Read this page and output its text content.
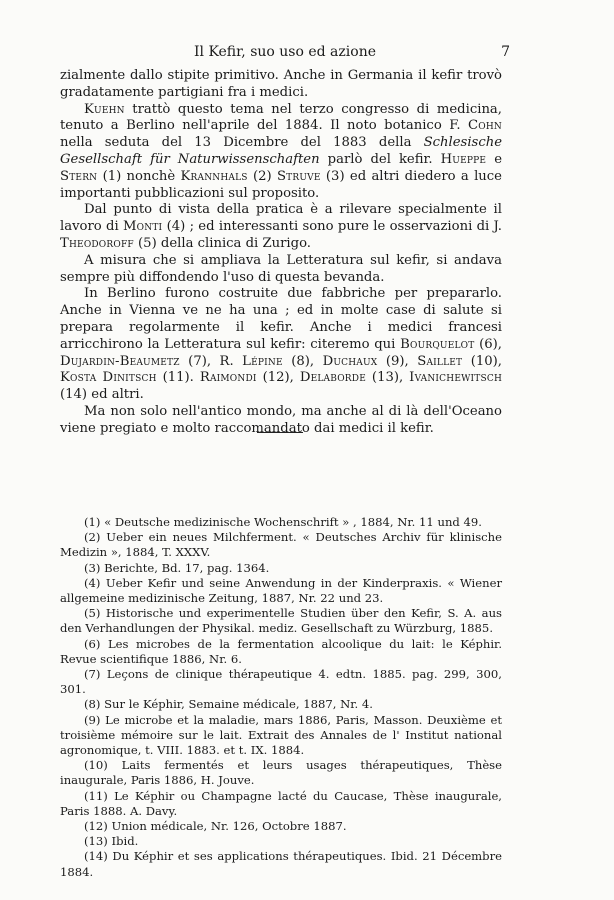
Il Kefir, suo uso ed azione	7

zialmente dallo stipite primitivo. Anche in Germania il kefir trovò gradatamente partigiani fra i medici.

Kuehn trattò questo tema nel terzo congresso di medicina, tenuto a Berlino nell'aprile del 1884. Il noto botanico F. Cohn nella seduta del 13 Dicembre del 1883 della Schlesische Gesellschaft für Naturwissenschaften parlò del kefir. Hueppe e Stern (1) nonchè Krannhals (2) Struve (3) ed altri diedero a luce importanti pubblicazioni sul proposito.

Dal punto di vista della pratica è a rilevare specialmente il lavoro di Monti (4) ; ed interessanti sono pure le osservazioni di J. Theodoroff (5) della clinica di Zurigo.

A misura che si ampliava la Letteratura sul kefir, si andava sempre più diffondendo l'uso di questa bevanda.

In Berlino furono costruite due fabbriche per prepararlo. Anche in Vienna ve ne ha una ; ed in molte case di salute si prepara regolarmente il kefir. Anche i medici francesi arricchirono la Letteratura sul kefir: citeremo qui Bourquelot (6), Dujardin-Beaumetz (7), R. Lépine (8), Duchaux (9), Saillet (10), Kosta Dinitsch (11). Raimondi (12), Delaborde (13), Ivanichewitsch (14) ed altri.

Ma non solo nell'antico mondo, ma anche al di là dell'Oceano viene pregiato e molto raccomandato dai medici il kefir.

(1) « Deutsche medizinische Wochenschrift » , 1884, Nr. 11 und 49.

(2) Ueber ein neues Milchferment. « Deutsches Archiv für klinische Medizin », 1884, T. XXXV.

(3) Berichte, Bd. 17, pag. 1364.

(4) Ueber Kefir und seine Anwendung in der Kinderpraxis. « Wiener allgemeine medizinische Zeitung, 1887, Nr. 22 und 23.

(5) Historische und experimentelle Studien über den Kefir, S. A. aus den Verhandlungen der Physikal. mediz. Gesellschaft zu Würzburg, 1885.

(6) Les microbes de la fermentation alcoolique du lait: le Képhir. Revue scientifique 1886, Nr. 6.

(7) Leçons de clinique thérapeutique 4. edtn. 1885. pag. 299, 300, 301.

(8) Sur le Képhir, Semaine médicale, 1887, Nr. 4.

(9) Le microbe et la maladie, mars 1886, Paris, Masson. Deuxième et troisième mémoire sur le lait. Extrait des Annales de l' Institut national agronomique, t. VIII. 1883. et t. IX. 1884.

(10) Laits fermentés et leurs usages thérapeutiques, Thèse inaugurale, Paris 1886, H. Jouve.

(11) Le Képhir ou Champagne lacté du Caucase, Thèse inaugurale, Paris 1888. A. Davy.

(12) Union médicale, Nr. 126, Octobre 1887.

(13) Ibid.

(14) Du Képhir et ses applications thérapeutiques. Ibid. 21 Décembre 1884.
